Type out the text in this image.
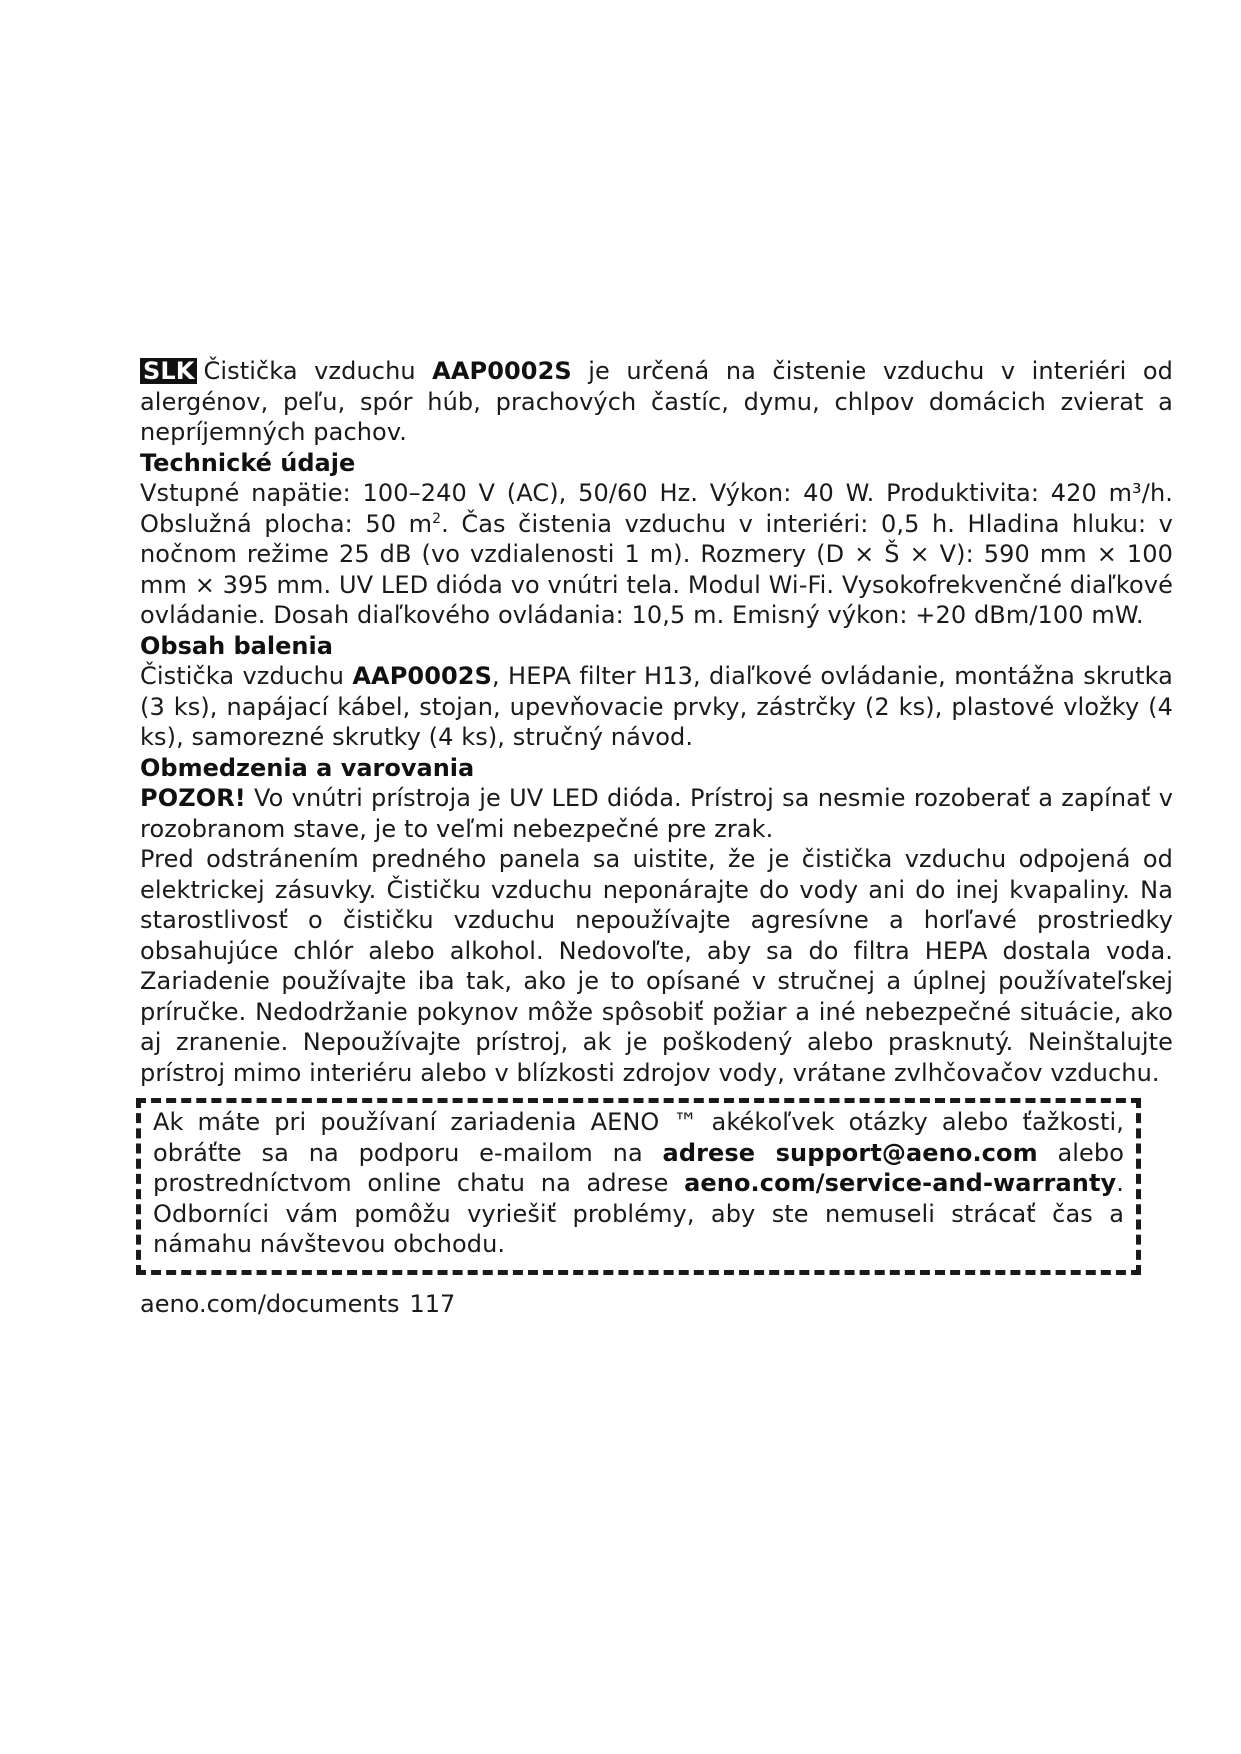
SLK Čistička vzduchu AAP0002S je určená na čistenie vzduchu v interiéri od alergénov, peľu, spór húb, prachových častíc, dymu, chlpov domácich zvierat a nepríjemných pachov.

Technické údaje

Vstupné napätie: 100–240 V (AC), 50/60 Hz. Výkon: 40 W. Produktivita: 420 m³/h. Obslužná plocha: 50 $m^2$. Čas čistenia vzduchu v interiéri: 0,5 h. Hladina hluku: v nočnom režime 25 dB (vo vzdialenosti 1 m). Rozmery (D × Š × V): 590 mm × 100 mm × 395 mm. UV LED dióda vo vnútri tela. Modul Wi-Fi. Vysokofrekvenčné diaľkové ovládanie. Dosah diaľkového ovládania: 10,5 m. Emisný výkon: +20 dBm/100 mW.

Obsah balenia

Čistička vzduchu AAP0002S, HEPA filter H13, diaľkové ovládanie, montážna skrutka (3 ks), napájací kábel, stojan, upevňovacie prvky, zástrčky (2 ks), plastové vložky (4 ks), samorezné skrutky (4 ks), stručný návod.

Obmedzenia a varovania

POZOR! Vo vnútri prístroja je UV LED dióda. Prístroj sa nesmie rozoberať a zapínať v rozobranom stave, je to veľmi nebezpečné pre zrak.

Pred odstránením predného panela sa uistite, že je čistička vzduchu odpojená od elektrickej zásuvky. Čističku vzduchu neponárajte do vody ani do inej kvapaliny. Na starostlivosť o čističku vzduchu nepoužívajte agresívne a horľavé prostriedky obsahujúce chlór alebo alkohol. Nedovoľte, aby sa do filtra HEPA dostala voda. Zariadenie používajte iba tak, ako je to opísané v stručnej a úplnej používateľskej príručke. Nedodržanie pokynov môže spôsobiť požiar a iné nebezpečné situácie, ako aj zranenie. Nepoužívajte prístroj, ak je poškodený alebo prasknutý. Neinštalujte prístroj mimo interiéru alebo v blízkosti zdrojov vody, vrátane zvlhčovačov vzduchu.

Ak máte pri používaní zariadenia AENO ™ akékoľvek otázky alebo ťažkosti, obráťte sa na podporu e-mailom na adrese support@aeno.com alebo prostredníctvom online chatu na adrese aeno.com/service-and-warranty. Odborníci vám pomôžu vyriešiť problémy, aby ste nemuseli strácať čas a námahu návštevou obchodu.

aeno.com/documents 117
